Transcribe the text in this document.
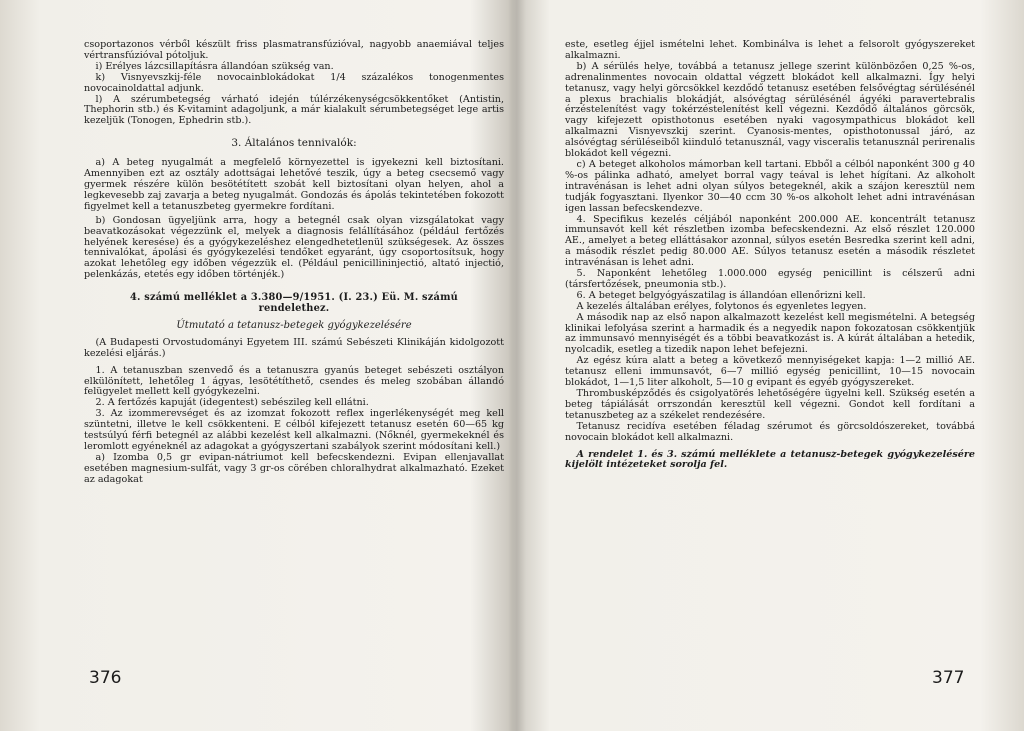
csoportazonos vérből készült friss plasmatransfúzióval, nagyobb anaemiával teljes vértransfúzióval pótoljuk.

i) Erélyes lázcsillapításra állandóan szükség van.

k) Visnyevszkij-féle novocainblokádokat 1/4 százalékos tonogenmentes novocainoldattal adjunk.

l) A szérumbetegség várható idején túlérzékenységcsökkentőket (Antistin, Thephorin stb.) és K-vitamint adagoljunk, a már kialakult sérumbetegséget lege artis kezeljük (Tonogen, Ephedrin stb.).

3. Általános tennivalók:

a) A beteg nyugalmát a megfelelő környezettel is igyekezni kell biztosítani. Amennyiben ezt az osztály adottságai lehetővé teszik, úgy a beteg csecsemő vagy gyermek részére külön besötétített szobát kell biztosítani olyan helyen, ahol a legkevesebb zaj zavarja a beteg nyugalmát. Gondozás és ápolás tekintetében fokozott figyelmet kell a tetanuszbeteg gyermekre fordítani.

b) Gondosan ügyeljünk arra, hogy a betegnél csak olyan vizsgálatokat vagy beavatkozásokat végezzünk el, melyek a diagnosis felállításához (például fertőzés helyének keresése) és a gyógykezeléshez elengedhetetlenül szükségesek. Az összes tennivalókat, ápolási és gyógykezelési tendőket egyaránt, úgy csoportosítsuk, hogy azokat lehetőleg egy időben végezzük el. (Például penicillininjectió, altató injectió, pelenkázás, etetés egy időben történjék.)

4. számú melléklet a 3.380—9/1951. (I. 23.) Eü. M. számú
rendelethez.
Útmutató a tetanusz-betegek gyógykezelésére

(A Budapesti Orvostudományi Egyetem III. számú Sebészeti Klinikáján kidolgozott kezelési eljárás.)

1. A tetanuszban szenvedő és a tetanuszra gyanús beteget sebészeti osztályon elkülönített, lehetőleg 1 ágyas, lesötétíthető, csendes és meleg szobában állandó felügyelet mellett kell gyógykezelni.

2. A fertőzés kapuját (idegentest) sebészileg kell ellátni.

3. Az izommerevséget és az izomzat fokozott reflex ingerlékenységét meg kell szüntetni, illetve le kell csökkenteni. E célból kifejezett tetanusz esetén 60—65 kg testsúlyú férfi betegnél az alábbi kezelést kell alkalmazni. (Nőknél, gyermekeknél és leromlott egyéneknél az adagokat a gyógyszertani szabályok szerint módosítani kell.)

a) Izomba 0,5 gr evipan-nátriumot kell befecskendezni. Evipan ellenjavallat esetében magnesium-sulfát, vagy 3 gr-os cörében chloralhydrat alkalmazható. Ezeket az adagokat

376

este, esetleg éjjel ismételni lehet. Kombinálva is lehet a felsorolt gyógyszereket alkalmazni.

b) A sérülés helye, továbbá a tetanusz jellege szerint különbözően 0,25 %-os, adrenalinmentes novocain oldattal végzett blokádot kell alkalmazni. Így helyi tetanusz, vagy helyi görcsökkel kezdődő tetanusz esetében felsővégtag sérülésénél a plexus brachialis blokádját, alsóvégtag sérülésénél ágyéki paravertebralis érzéstelenítést vagy tokérzéstelenítést kell végezni. Kezdődő általános görcsök, vagy kifejezett opisthotonus esetében nyaki vagosympathicus blokádot kell alkalmazni Visnyevszkij szerint. Cyanosis-mentes, opisthotonussal járó, az alsóvégtag sérüléseiből kiinduló tetanusznál, vagy visceralis tetanusznál perirenalis blokádot kell végezni.

c) A beteget alkoholos mámorban kell tartani. Ebből a célból naponként 300 g 40 %-os pálinka adható, amelyet borral vagy teával is lehet hígítani. Az alkoholt intravénásan is lehet adni olyan súlyos betegeknél, akik a szájon keresztül nem tudják fogyasztani. Ilyenkor 30—40 ccm 30 %-os alkoholt lehet adni intravénásan igen lassan befecskendezve.

4. Specifikus kezelés céljából naponként 200.000 AE. koncentrált tetanusz immunsavót kell két részletben izomba befecskendezni. Az első részlet 120.000 AE., amelyet a beteg elláttásakor azonnal, súlyos esetén Besredka szerint kell adni, a második részlet pedig 80.000 AE. Súlyos tetanusz esetén a második részletet intravénásan is lehet adni.

5. Naponként lehetőleg 1.000.000 egység penicillint is célszerű adni (társfertőzések, pneumonia stb.).

6. A beteget belgyógyászatilag is állandóan ellenőrizni kell.

A kezelés általában erélyes, folytonos és egyenletes legyen.

A második nap az első napon alkalmazott kezelést kell megismételni. A betegség klinikai lefolyása szerint a harmadik és a negyedik napon fokozatosan csökkentjük az immunsavó mennyiségét és a többi beavatkozást is. A kúrát általában a hetedik, nyolcadik, esetleg a tizedik napon lehet befejezni.

Az egész kúra alatt a beteg a következő mennyiségeket kapja: 1—2 millió AE. tetanusz elleni immunsavót, 6—7 millió egység penicillint, 10—15 novocain blokádot, 1—1,5 liter alkoholt, 5—10 g evipant és egyéb gyógyszereket.

Thrombusképződés és csigolyatörés lehetőségére ügyelni kell. Szükség esetén a beteg tápiálását orrszondán keresztül kell végezni. Gondot kell fordítani a tetanuszbeteg az a székelet rendezésére.

Tetanusz recidíva esetében féladag szérumot és görcsoldószereket, továbbá novocain blokádot kell alkalmazni.

A rendelet 1. és 3. számú melléklete a tetanusz-betegek gyógykezelésére kijelölt intézeteket sorolja fel.

377
